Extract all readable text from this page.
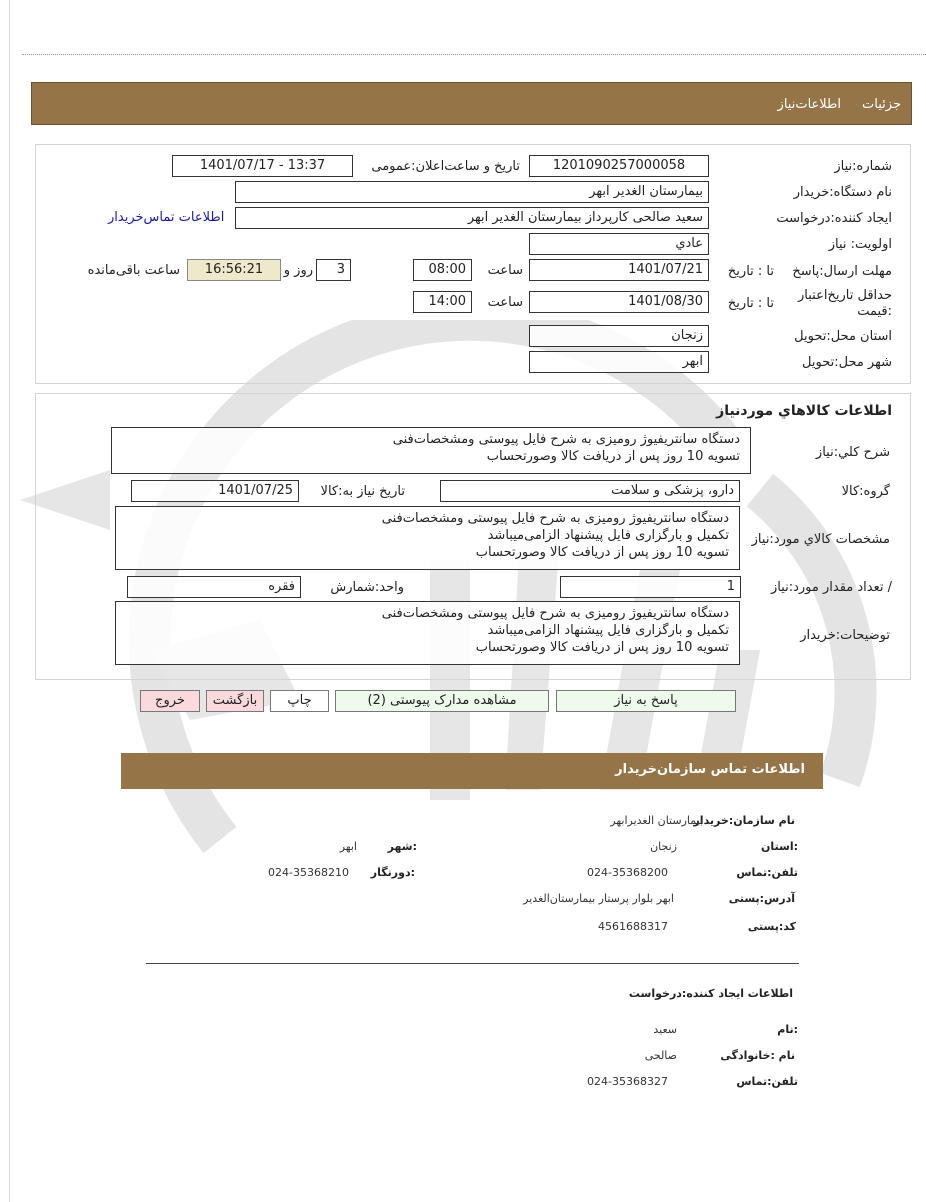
جزئیات
اطلاعات‌نیاز
شماره:نیاز
1201090257000058
تاریخ و ساعت‌اعلان:عمومی
1401/07/17 - 13:37
نام دستگاه:خریدار
بیمارستان الغدیر ابهر
ایجاد کننده:درخواست
سعید صالحی کارپرداز بیمارستان الغدیر ابهر
اطلاعات تماس‌خریدار
اولویت: نیاز
عادي
مهلت ارسال:پاسخ
تا : تاریخ
1401/07/21
ساعت
08:00
3
روز و
16:56:21
ساعت باقی‌مانده
حداقل تاریخ‌اعتبار
:قیمت
تا : تاریخ
1401/08/30
ساعت
14:00
استان محل:تحویل
زنجان
شهر محل:تحویل
ابهر
اطلاعات کالاهاي موردنیاز
شرح کلي:نیاز
دستگاه سانتریفیوژ رومیزی به شرح فایل پیوستی ومشخصات‌فنی
تسویه 10 روز پس از دریافت کالا وصورتحساب
گروه:کالا
دارو، پزشکی و سلامت
تاریخ نیاز به:کالا
1401/07/25
مشخصات کالاي مورد:نیاز
دستگاه سانتریفیوژ رومیزی به شرح فایل پیوستی ومشخصات‌فنی
تکمیل و بارگزاری فایل پیشنهاد الزامی‌میباشد
تسویه 10 روز پس از دریافت کالا وصورتحساب
/ تعداد مقدار مورد:نیاز
1
واحد:شمارش
فقره
توضیحات:خریدار
دستگاه سانتریفیوژ رومیزی به شرح فایل پیوستی ومشخصات‌فنی
تکمیل و بارگزاری فایل پیشنهاد الزامی‌میباشد
تسویه 10 روز پس از دریافت کالا وصورتحساب
پاسخ به نیاز
مشاهده مدارک پیوستی (2)
چاپ
بازگشت
خروج
اطلاعات تماس سازمان‌خریدار
نام سازمان:خریدار
بیمارستان الغدیرابهر
:استان
زنجان
:شهر
ابهر
تلفن:تماس
024-35368200
:دورنگار
024-35368210
آدرس:پستی
ابهر بلوار پرستار بیمارستان‌الغدیر
کد:پستی
4561688317
اطلاعات ایجاد کننده:درخواست
:نام
سعید
نام :خانوادگی
صالحی
تلفن:تماس
024-35368327
